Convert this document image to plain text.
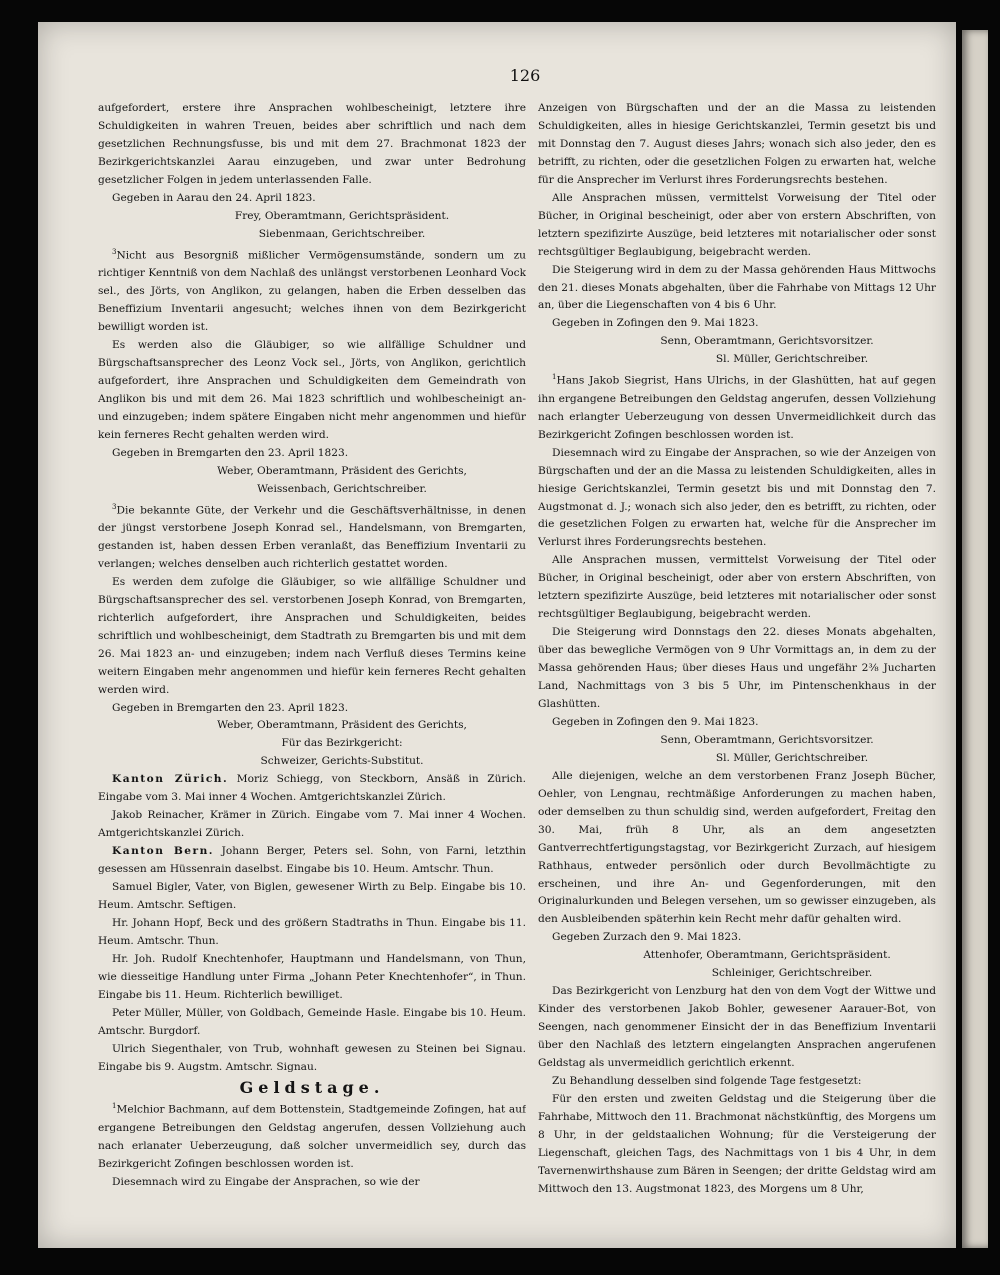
126

aufgefordert, erstere ihre Ansprachen wohlbescheinigt, letztere ihre Schuldigkeiten in wahren Treuen, beides aber schriftlich und nach dem gesetzlichen Rechnungsfusse, bis und mit dem 27. Brachmonat 1823 der Bezirkgerichtskanzlei Aarau einzugeben, und zwar unter Bedrohung gesetzlicher Folgen in jedem unterlassenden Falle.

Gegeben in Aarau den 24. April 1823.

Frey, Oberamtmann, Gerichtspräsident.

Siebenmaan, Gerichtschreiber.

$^3$Nicht aus Besorgniß mißlicher Vermögensumstände, sondern um zu richtiger Kenntniß von dem Nachlaß des unlängst verstorbenen Leonhard Vock sel., des Jörts, von Anglikon, zu gelangen, haben die Erben desselben das Beneffizium Inventarii angesucht; welches ihnen von dem Bezirkgericht bewilligt worden ist.

Es werden also die Gläubiger, so wie allfällige Schuldner und Bürgschaftsansprecher des Leonz Vock sel., Jörts, von Anglikon, gerichtlich aufgefordert, ihre Ansprachen und Schuldigkeiten dem Gemeindrath von Anglikon bis und mit dem 26. Mai 1823 schriftlich und wohlbescheinigt an- und einzugeben; indem spätere Eingaben nicht mehr angenommen und hiefür kein ferneres Recht gehalten werden wird.

Gegeben in Bremgarten den 23. April 1823.

Weber, Oberamtmann, Präsident des Gerichts,

Weissenbach, Gerichtschreiber.

$^3$Die bekannte Güte, der Verkehr und die Geschäftsverhältnisse, in denen der jüngst verstorbene Joseph Konrad sel., Handelsmann, von Bremgarten, gestanden ist, haben dessen Erben veranlaßt, das Beneffizium Inventarii zu verlangen; welches denselben auch richterlich gestattet worden.

Es werden dem zufolge die Gläubiger, so wie allfällige Schuldner und Bürgschaftsansprecher des sel. verstorbenen Joseph Konrad, von Bremgarten, richterlich aufgefordert, ihre Ansprachen und Schuldigkeiten, beides schriftlich und wohlbescheinigt, dem Stadtrath zu Bremgarten bis und mit dem 26. Mai 1823 an- und einzugeben; indem nach Verfluß dieses Termins keine weitern Eingaben mehr angenommen und hiefür kein ferneres Recht gehalten werden wird.

Gegeben in Bremgarten den 23. April 1823.

Weber, Oberamtmann, Präsident des Gerichts,

Für das Bezirkgericht:

Schweizer, Gerichts-Substitut.

Kanton Zürich. Moriz Schiegg, von Steckborn, Ansäß in Zürich. Eingabe vom 3. Mai inner 4 Wochen. Amtgerichtskanzlei Zürich.

Jakob Reinacher, Krämer in Zürich. Eingabe vom 7. Mai inner 4 Wochen. Amtgerichtskanzlei Zürich.

Kanton Bern. Johann Berger, Peters sel. Sohn, von Farni, letzthin gesessen am Hüssenrain daselbst. Eingabe bis 10. Heum. Amtschr. Thun.

Samuel Bigler, Vater, von Biglen, gewesener Wirth zu Belp. Eingabe bis 10. Heum. Amtschr. Seftigen.

Hr. Johann Hopf, Beck und des größern Stadtraths in Thun. Eingabe bis 11. Heum. Amtschr. Thun.

Hr. Joh. Rudolf Knechtenhofer, Hauptmann und Handelsmann, von Thun, wie diesseitige Handlung unter Firma „Johann Peter Knechtenhofer“, in Thun. Eingabe bis 11. Heum. Richterlich bewilliget.

Peter Müller, Müller, von Goldbach, Gemeinde Hasle. Eingabe bis 10. Heum. Amtschr. Burgdorf.

Ulrich Siegenthaler, von Trub, wohnhaft gewesen zu Steinen bei Signau. Eingabe bis 9. Augstm. Amtschr. Signau.

Geldstage.

$^1$Melchior Bachmann, auf dem Bottenstein, Stadtgemeinde Zofingen, hat auf ergangene Betreibungen den Geldstag angerufen, dessen Vollziehung auch nach erlanater Ueberzeugung, daß solcher unvermeidlich sey, durch das Bezirkgericht Zofingen beschlossen worden ist.

Diesemnach wird zu Eingabe der Ansprachen, so wie der

Anzeigen von Bürgschaften und der an die Massa zu leistenden Schuldigkeiten, alles in hiesige Gerichtskanzlei, Termin gesetzt bis und mit Donnstag den 7. August dieses Jahrs; wonach sich also jeder, den es betrifft, zu richten, oder die gesetzlichen Folgen zu erwarten hat, welche für die Ansprecher im Verlurst ihres Forderungsrechts bestehen.

Alle Ansprachen müssen, vermittelst Vorweisung der Titel oder Bücher, in Original bescheinigt, oder aber von erstern Abschriften, von letztern spezifizirte Auszüge, beid letzteres mit notarialischer oder sonst rechtsgültiger Beglaubigung, beigebracht werden.

Die Steigerung wird in dem zu der Massa gehörenden Haus Mittwochs den 21. dieses Monats abgehalten, über die Fahrhabe von Mittags 12 Uhr an, über die Liegenschaften von 4 bis 6 Uhr.

Gegeben in Zofingen den 9. Mai 1823.

Senn, Oberamtmann, Gerichtsvorsitzer.

Sl. Müller, Gerichtschreiber.

$^1$Hans Jakob Siegrist, Hans Ulrichs, in der Glashütten, hat auf gegen ihn ergangene Betreibungen den Geldstag angerufen, dessen Vollziehung nach erlangter Ueberzeugung von dessen Unvermeidlichkeit durch das Bezirkgericht Zofingen beschlossen worden ist.

Diesemnach wird zu Eingabe der Ansprachen, so wie der Anzeigen von Bürgschaften und der an die Massa zu leistenden Schuldigkeiten, alles in hiesige Gerichtskanzlei, Termin gesetzt bis und mit Donnstag den 7. Augstmonat d. J.; wonach sich also jeder, den es betrifft, zu richten, oder die gesetzlichen Folgen zu erwarten hat, welche für die Ansprecher im Verlurst ihres Forderungsrechts bestehen.

Alle Ansprachen mussen, vermittelst Vorweisung der Titel oder Bücher, in Original bescheinigt, oder aber von erstern Abschriften, von letztern spezifizirte Auszüge, beid letzteres mit notarialischer oder sonst rechtsgültiger Beglaubigung, beigebracht werden.

Die Steigerung wird Donnstags den 22. dieses Monats abgehalten, über das bewegliche Vermögen von 9 Uhr Vormittags an, in dem zu der Massa gehörenden Haus; über dieses Haus und ungefähr 2⅜ Jucharten Land, Nachmittags von 3 bis 5 Uhr, im Pintenschenkhaus in der Glashütten.

Gegeben in Zofingen den 9. Mai 1823.

Senn, Oberamtmann, Gerichtsvorsitzer.

Sl. Müller, Gerichtschreiber.

Alle diejenigen, welche an dem verstorbenen Franz Joseph Bücher, Oehler, von Lengnau, rechtmäßige Anforderungen zu machen haben, oder demselben zu thun schuldig sind, werden aufgefordert, Freitag den 30. Mai, früh 8 Uhr, als an dem angesetzten Gantverrechtfertigungstagstag, vor Bezirkgericht Zurzach, auf hiesigem Rathhaus, entweder persönlich oder durch Bevollmächtigte zu erscheinen, und ihre An- und Gegenforderungen, mit den Originalurkunden und Belegen versehen, um so gewisser einzugeben, als den Ausbleibenden späterhin kein Recht mehr dafür gehalten wird.

Gegeben Zurzach den 9. Mai 1823.

Attenhofer, Oberamtmann, Gerichtspräsident.

Schleiniger, Gerichtschreiber.

Das Bezirkgericht von Lenzburg hat den von dem Vogt der Wittwe und Kinder des verstorbenen Jakob Bohler, gewesener Aarauer-Bot, von Seengen, nach genommener Einsicht der in das Beneffizium Inventarii über den Nachlaß des letztern eingelangten Ansprachen angerufenen Geldstag als unvermeidlich gerichtlich erkennt.

Zu Behandlung desselben sind folgende Tage festgesetzt:

Für den ersten und zweiten Geldstag und die Steigerung über die Fahrhabe, Mittwoch den 11. Brachmonat nächstkünftig, des Morgens um 8 Uhr, in der geldstaalichen Wohnung; für die Versteigerung der Liegenschaft, gleichen Tags, des Nachmittags von 1 bis 4 Uhr, in dem Tavernenwirthshause zum Bären in Seengen; der dritte Geldstag wird am Mittwoch den 13. Augstmonat 1823, des Morgens um 8 Uhr,
